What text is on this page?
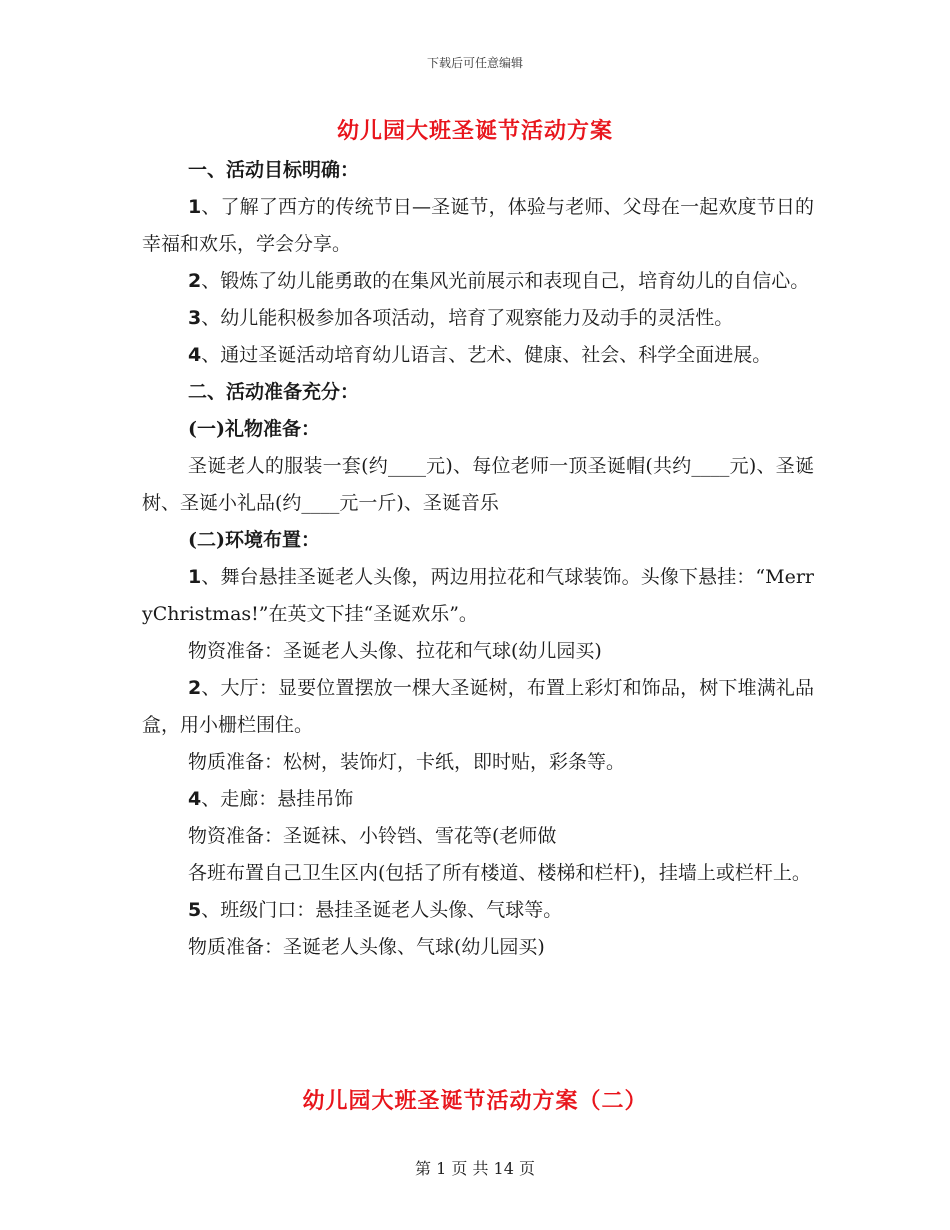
下载后可任意编辑
幼儿园大班圣诞节活动方案

一、活动目标明确：

1、了解了西方的传统节日—圣诞节，体验与老师、父母在一起欢度节日的幸福和欢乐，学会分享。

2、锻炼了幼儿能勇敢的在集风光前展示和表现自己，培育幼儿的自信心。

3、幼儿能积极参加各项活动，培育了观察能力及动手的灵活性。

4、通过圣诞活动培育幼儿语言、艺术、健康、社会、科学全面进展。

二、活动准备充分：

(一)礼物准备：

圣诞老人的服装一套(约____元)、每位老师一顶圣诞帽(共约____元)、圣诞树、圣诞小礼品(约____元一斤)、圣诞音乐

(二)环境布置：

1、舞台悬挂圣诞老人头像，两边用拉花和气球装饰。头像下悬挂：“MerryChristmas!”在英文下挂“圣诞欢乐”。

物资准备：圣诞老人头像、拉花和气球(幼儿园买)

2、大厅：显要位置摆放一棵大圣诞树，布置上彩灯和饰品，树下堆满礼品盒，用小栅栏围住。

物质准备：松树，装饰灯，卡纸，即时贴，彩条等。

4、走廊：悬挂吊饰

物资准备：圣诞袜、小铃铛、雪花等(老师做

各班布置自己卫生区内(包括了所有楼道、楼梯和栏杆)，挂墙上或栏杆上。

5、班级门口：悬挂圣诞老人头像、气球等。

物质准备：圣诞老人头像、气球(幼儿园买)

幼儿园大班圣诞节活动方案（二）
第 1 页 共 14 页
